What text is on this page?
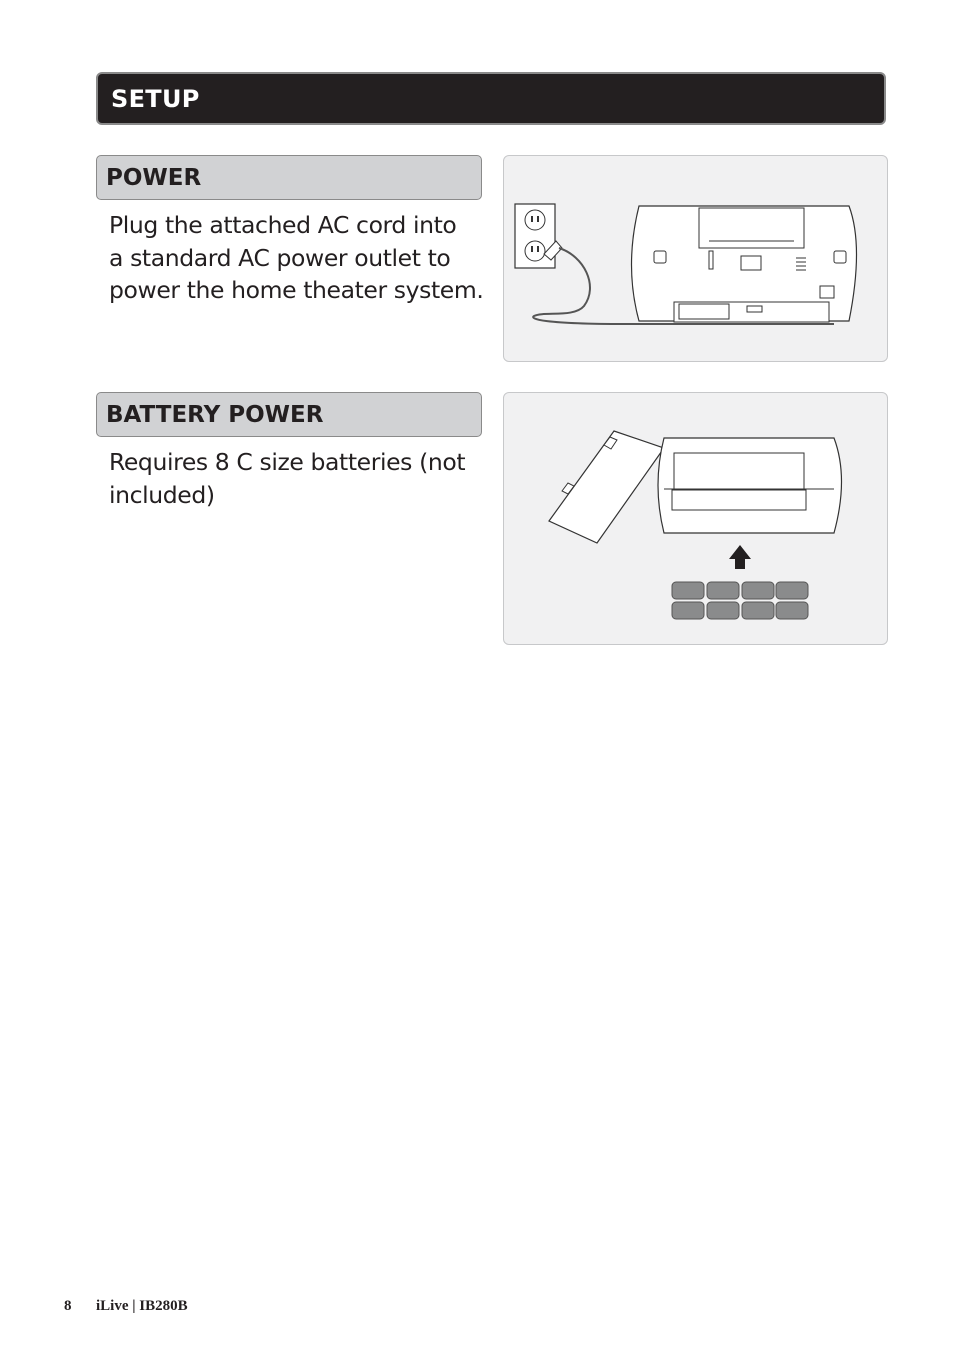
SETUP
POWER
Plug the attached AC cord into
a standard AC power outlet to
power the home theater system.
BATTERY POWER
Requires 8 C size batteries (not
included)
8 iLive | IB280B
